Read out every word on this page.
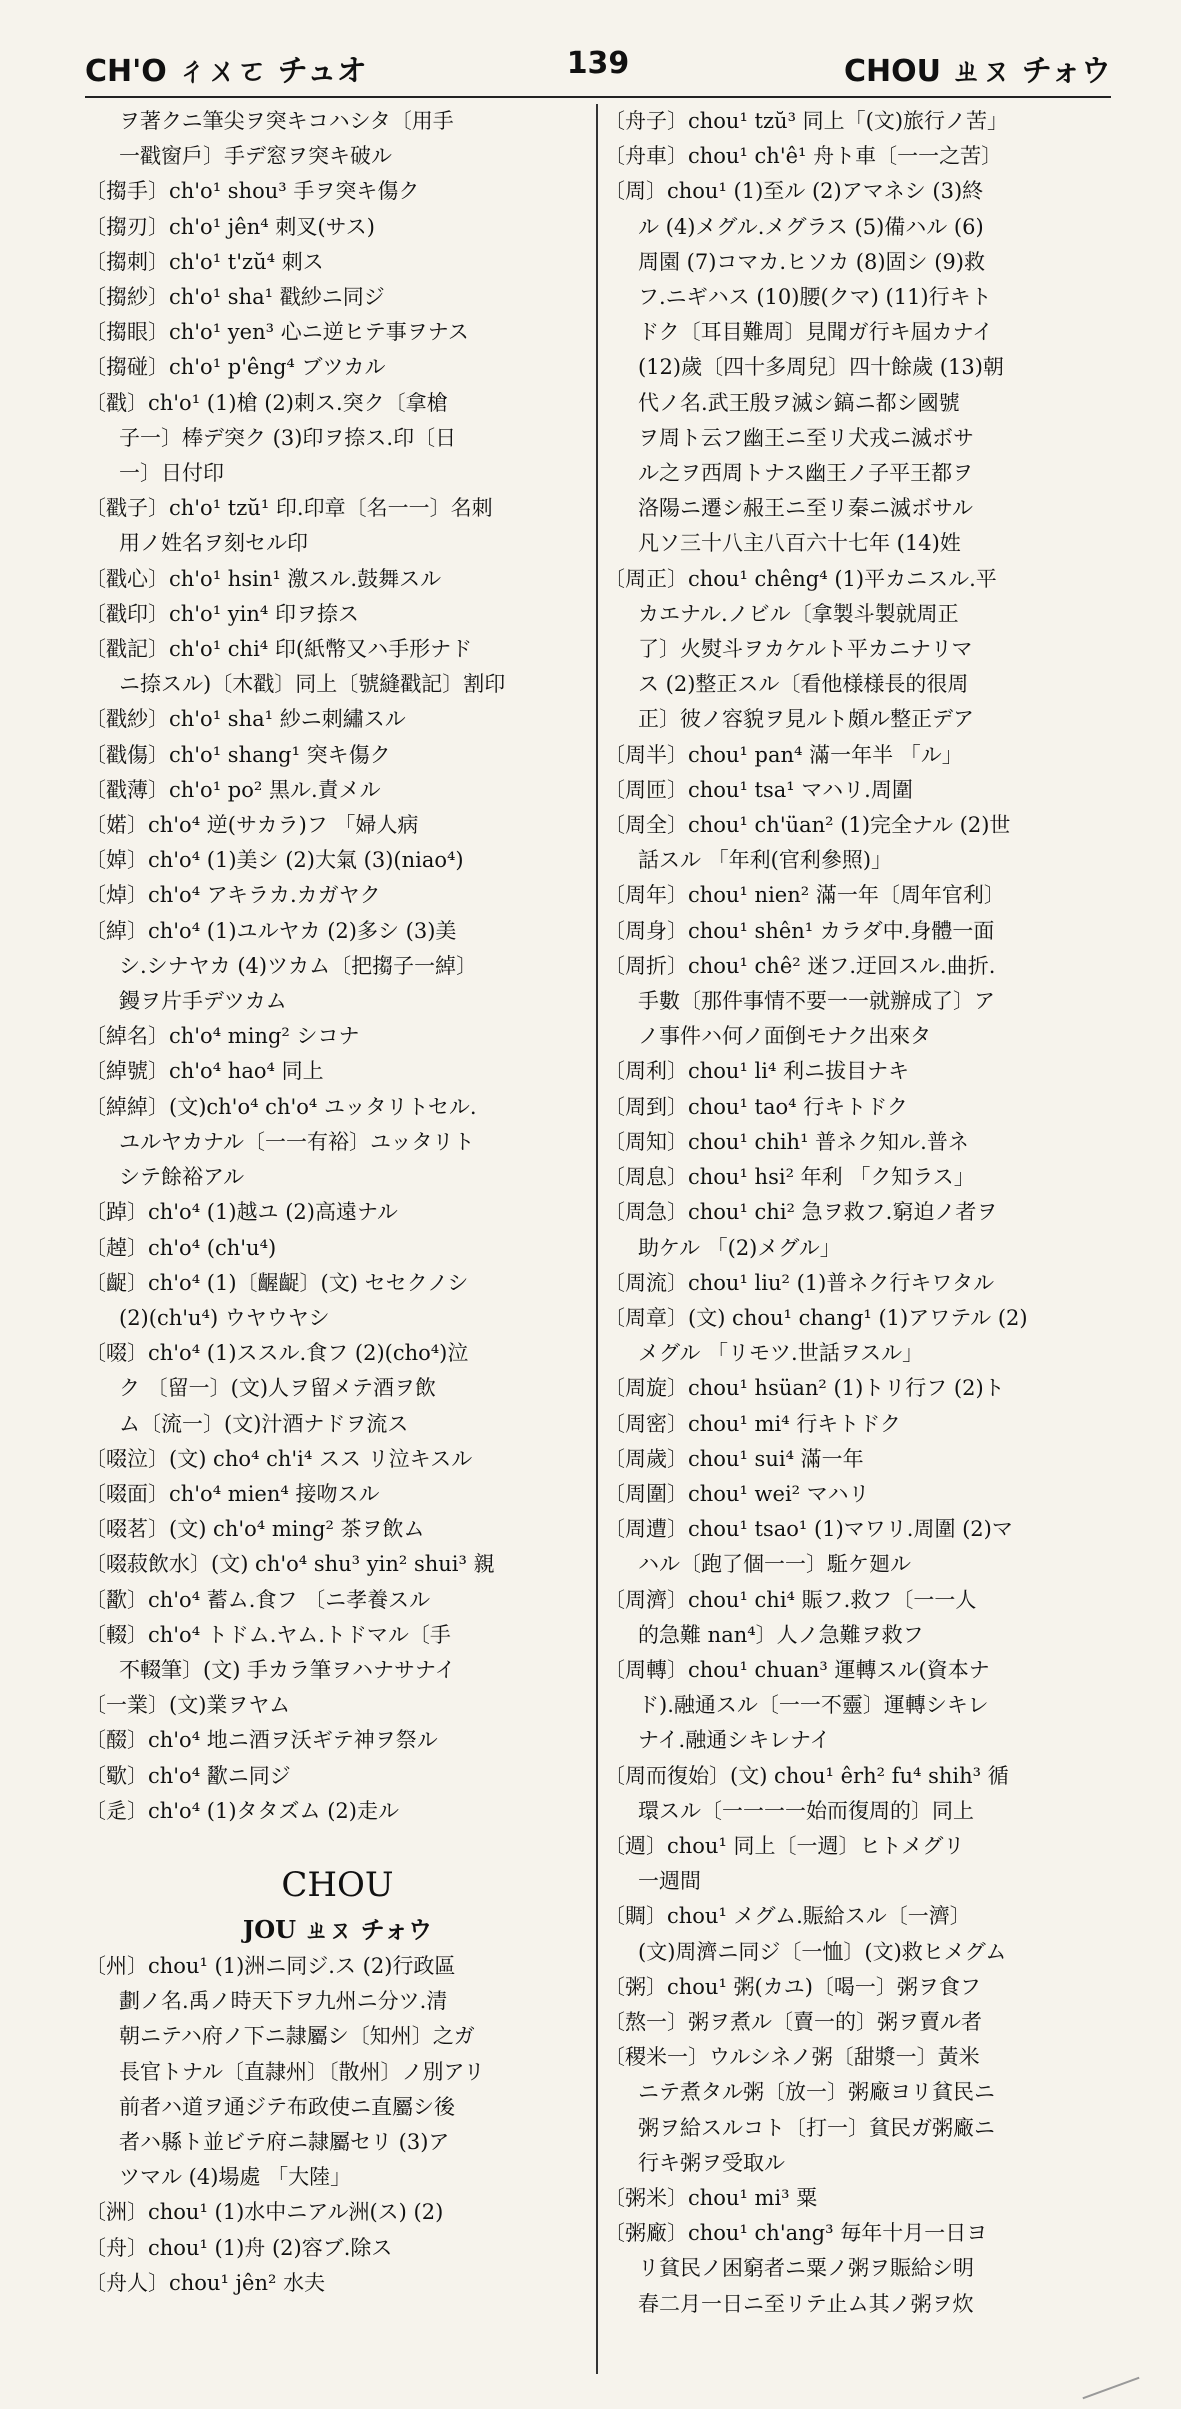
CH'O ㄔㄨㄛ チュオ	139	CHOU ㄓㄡ チォウ

ヲ著クニ筆尖ヲ突キコハシタ〔用手

一戳窗戶〕手デ窓ヲ突キ破ル

〔搊手〕ch'o¹ shou³ 手ヲ突キ傷ク

〔搊刃〕ch'o¹ jên⁴ 刺叉(サス)

〔搊刺〕ch'o¹ t'zŭ⁴ 刺ス

〔搊紗〕ch'o¹ sha¹ 戳紗ニ同ジ

〔搊眼〕ch'o¹ yen³ 心ニ逆ヒテ事ヲナス

〔搊碰〕ch'o¹ p'êng⁴ ブツカル

〔戳〕ch'o¹ (1)槍 (2)刺ス.突ク〔拿槍

子一〕棒デ突ク (3)印ヲ捺ス.印〔日

一〕日付印

〔戳子〕ch'o¹ tzŭ¹ 印.印章〔名一一〕名刺

用ノ姓名ヲ刻セル印

〔戳心〕ch'o¹ hsin¹ 激スル.鼓舞スル

〔戳印〕ch'o¹ yin⁴ 印ヲ捺ス

〔戳記〕ch'o¹ chi⁴ 印(紙幣又ハ手形ナド

ニ捺スル)〔木戳〕同上〔號縫戳記〕割印

〔戳紗〕ch'o¹ sha¹ 紗ニ刺繡スル

〔戳傷〕ch'o¹ shang¹ 突キ傷ク

〔戳薄〕ch'o¹ po² 黒ル.責メル

〔婼〕ch'o⁴ 逆(サカラ)フ 「婦人病

〔婥〕ch'o⁴ (1)美シ (2)大氣 (3)(niao⁴)

〔焯〕ch'o⁴ アキラカ.カガヤク

〔綽〕ch'o⁴ (1)ユルヤカ (2)多シ (3)美

シ.シナヤカ (4)ツカム〔把搊子一綽〕

鏝ヲ片手デツカム

〔綽名〕ch'o⁴ ming² シコナ

〔綽號〕ch'o⁴ hao⁴ 同上

〔綽綽〕(文)ch'o⁴ ch'o⁴ ユッタリトセル.

ユルヤカナル〔一一有裕〕ユッタリト

シテ餘裕アル

〔踔〕ch'o⁴ (1)越ユ (2)高遠ナル

〔趠〕ch'o⁴ (ch'u⁴)

〔齪〕ch'o⁴ (1)〔齷齪〕(文) セセクノシ

(2)(ch'u⁴) ウヤウヤシ

〔啜〕ch'o⁴ (1)ススル.食フ (2)(cho⁴)泣

ク 〔留一〕(文)人ヲ留メテ酒ヲ飲

ム〔流一〕(文)汁酒ナドヲ流ス

〔啜泣〕(文) cho⁴ ch'i⁴ スス リ泣キスル

〔啜面〕ch'o⁴ mien⁴ 接吻スル

〔啜茗〕(文) ch'o⁴ ming² 茶ヲ飲ム

〔啜菽飲水〕(文) ch'o⁴ shu³ yin² shui³ 親

〔歠〕ch'o⁴ 蓄ム.食フ 〔ニ孝養スル

〔輟〕ch'o⁴ トドム.ヤム.トドマル〔手

不輟筆〕(文) 手カラ筆ヲハナサナイ

〔一業〕(文)業ヲヤム

〔醊〕ch'o⁴ 地ニ酒ヲ沃ギテ神ヲ祭ル

〔歜〕ch'o⁴ 歠ニ同ジ

〔辵〕ch'o⁴ (1)タタズム (2)走ル

CHOU

JOU ㄓㄡ チォウ

〔州〕chou¹ (1)洲ニ同ジ.ス (2)行政區

劃ノ名.禹ノ時天下ヲ九州ニ分ツ.清

朝ニテハ府ノ下ニ隷屬シ〔知州〕之ガ

長官トナル〔直隷州〕〔散州〕ノ別アリ

前者ハ道ヲ通ジテ布政使ニ直屬シ後

者ハ縣ト並ビテ府ニ隷屬セリ (3)ア

ツマル (4)場處 「大陸」

〔洲〕chou¹ (1)水中ニアル洲(ス) (2)

〔舟〕chou¹ (1)舟 (2)容ブ.除ス

〔舟人〕chou¹ jên² 水夫

〔舟子〕chou¹ tzŭ³ 同上「(文)旅行ノ苦」

〔舟車〕chou¹ ch'ê¹ 舟ト車〔一一之苦〕

〔周〕chou¹ (1)至ル (2)アマネシ (3)終

ル (4)メグル.メグラス (5)備ハル (6)

周園 (7)コマカ.ヒソカ (8)固シ (9)救

フ.ニギハス (10)腰(クマ) (11)行キト

ドク〔耳目難周〕見聞ガ行キ屆カナイ

(12)歲〔四十多周兒〕四十餘歲 (13)朝

代ノ名.武王殷ヲ滅シ鎬ニ都シ國號

ヲ周ト云フ幽王ニ至リ犬戎ニ滅ボサ

ル之ヲ西周トナス幽王ノ子平王都ヲ

洛陽ニ遷シ赧王ニ至リ秦ニ滅ボサル

凡ソ三十八主八百六十七年 (14)姓

〔周正〕chou¹ chêng⁴ (1)平カニスル.平

カエナル.ノビル〔拿製斗製就周正

了〕火熨斗ヲカケルト平カニナリマ

ス (2)整正スル〔看他様様長的很周

正〕彼ノ容貌ヲ見ルト頗ル整正デア

〔周半〕chou¹ pan⁴ 滿一年半 「ル」

〔周匝〕chou¹ tsa¹ マハリ.周圍

〔周全〕chou¹ ch'üan² (1)完全ナル (2)世

話スル 「年利(官利參照)」

〔周年〕chou¹ nien² 滿一年〔周年官利〕

〔周身〕chou¹ shên¹ カラダ中.身體一面

〔周折〕chou¹ chê² 迷フ.迂回スル.曲折.

手數〔那件事情不要一一就辦成了〕ア

ノ事件ハ何ノ面倒モナク出來タ

〔周利〕chou¹ li⁴ 利ニ拔目ナキ

〔周到〕chou¹ tao⁴ 行キトドク

〔周知〕chou¹ chih¹ 普ネク知ル.普ネ

〔周息〕chou¹ hsi² 年利 「ク知ラス」

〔周急〕chou¹ chi² 急ヲ救フ.窮迫ノ者ヲ

助ケル 「(2)メグル」

〔周流〕chou¹ liu² (1)普ネク行キワタル

〔周章〕(文) chou¹ chang¹ (1)アワテル (2)

メグル 「リモツ.世話ヲスル」

〔周旋〕chou¹ hsüan² (1)トリ行フ (2)ト

〔周密〕chou¹ mi⁴ 行キトドク

〔周歲〕chou¹ sui⁴ 滿一年

〔周圍〕chou¹ wei² マハリ

〔周遭〕chou¹ tsao¹ (1)マワリ.周圍 (2)マ

ハル〔跑了個一一〕駈ケ廻ル

〔周濟〕chou¹ chi⁴ 賑フ.救フ〔一一人

的急難 nan⁴〕人ノ急難ヲ救フ

〔周轉〕chou¹ chuan³ 運轉スル(資本ナ

ド).融通スル〔一一不靈〕運轉シキレ

ナイ.融通シキレナイ

〔周而復始〕(文) chou¹ êrh² fu⁴ shih³ 循

環スル〔一一一一始而復周的〕同上

〔週〕chou¹ 同上〔一週〕ヒトメグリ

一週間

〔賙〕chou¹ メグム.賑給スル〔一濟〕

(文)周濟ニ同ジ〔一恤〕(文)救ヒメグム

〔粥〕chou¹ 粥(カユ)〔喝一〕粥ヲ食フ

〔熬一〕粥ヲ煮ル〔賣一的〕粥ヲ賣ル者

〔稷米一〕ウルシネノ粥〔甜漿一〕黃米

ニテ煮タル粥〔放一〕粥廠ヨリ貧民ニ

粥ヲ給スルコト〔打一〕貧民ガ粥廠ニ

行キ粥ヲ受取ル

〔粥米〕chou¹ mi³ 粟

〔粥廠〕chou¹ ch'ang³ 毎年十月一日ヨ

リ貧民ノ困窮者ニ粟ノ粥ヲ賑給シ明

春二月一日ニ至リテ止ム其ノ粥ヲ炊
